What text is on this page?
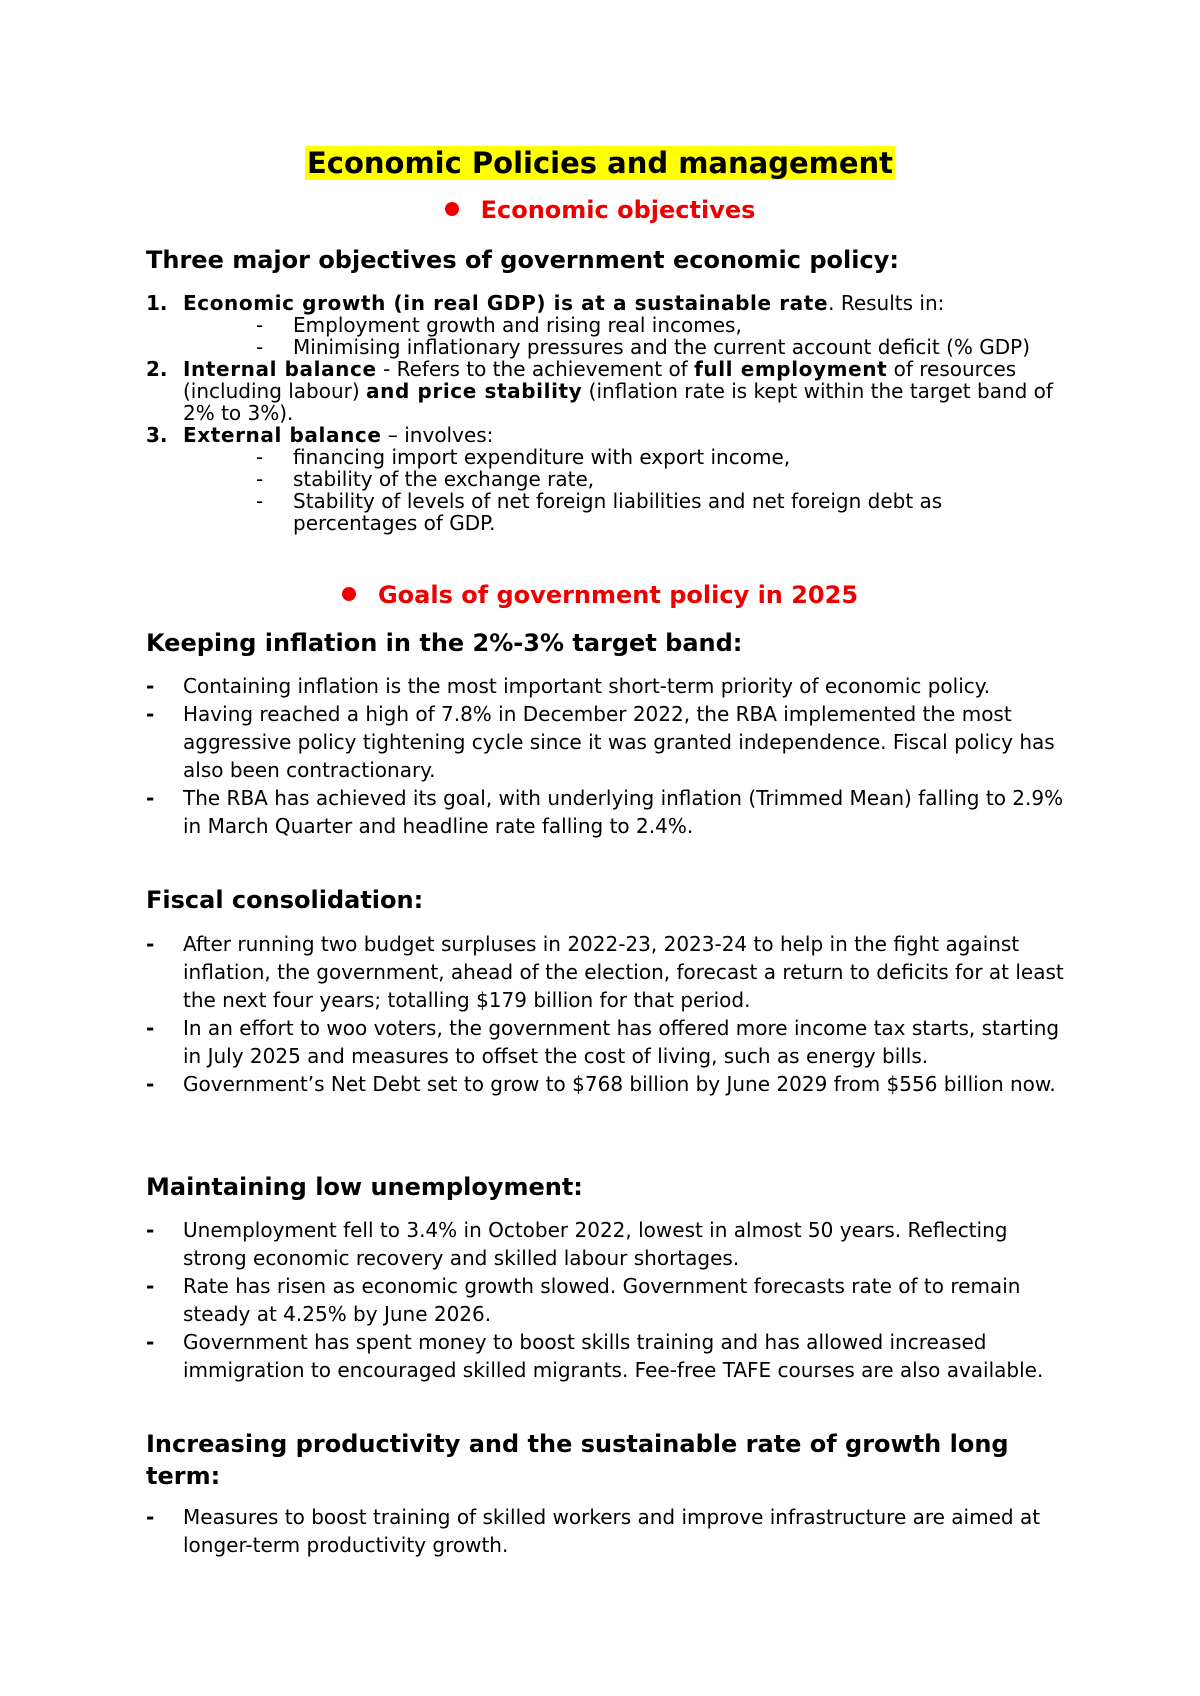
Economic Policies and management
Economic objectives
Three major objectives of government economic policy:
1. Economic growth (in real GDP) is at a sustainable rate. Results in:
- Employment growth and rising real incomes,
- Minimising inflationary pressures and the current account deficit (% GDP)
2. Internal balance - Refers to the achievement of full employment of resources (including labour) and price stability (inflation rate is kept within the target band of 2% to 3%).
3. External balance – involves:
- financing import expenditure with export income,
- stability of the exchange rate,
- Stability of levels of net foreign liabilities and net foreign debt as percentages of GDP.
Goals of government policy in 2025
Keeping inflation in the 2%-3% target band:
- Containing inflation is the most important short-term priority of economic policy.
- Having reached a high of 7.8% in December 2022, the RBA implemented the most aggressive policy tightening cycle since it was granted independence. Fiscal policy has also been contractionary.
- The RBA has achieved its goal, with underlying inflation (Trimmed Mean) falling to 2.9% in March Quarter and headline rate falling to 2.4%.
Fiscal consolidation:
- After running two budget surpluses in 2022-23, 2023-24 to help in the fight against inflation, the government, ahead of the election, forecast a return to deficits for at least the next four years; totalling $179 billion for that period.
- In an effort to woo voters, the government has offered more income tax starts, starting in July 2025 and measures to offset the cost of living, such as energy bills.
- Government’s Net Debt set to grow to $768 billion by June 2029 from $556 billion now.
Maintaining low unemployment:
- Unemployment fell to 3.4% in October 2022, lowest in almost 50 years. Reflecting strong economic recovery and skilled labour shortages.
- Rate has risen as economic growth slowed. Government forecasts rate of to remain steady at 4.25% by June 2026.
- Government has spent money to boost skills training and has allowed increased immigration to encouraged skilled migrants. Fee-free TAFE courses are also available.
Increasing productivity and the sustainable rate of growth long term:
- Measures to boost training of skilled workers and improve infrastructure are aimed at longer-term productivity growth.
